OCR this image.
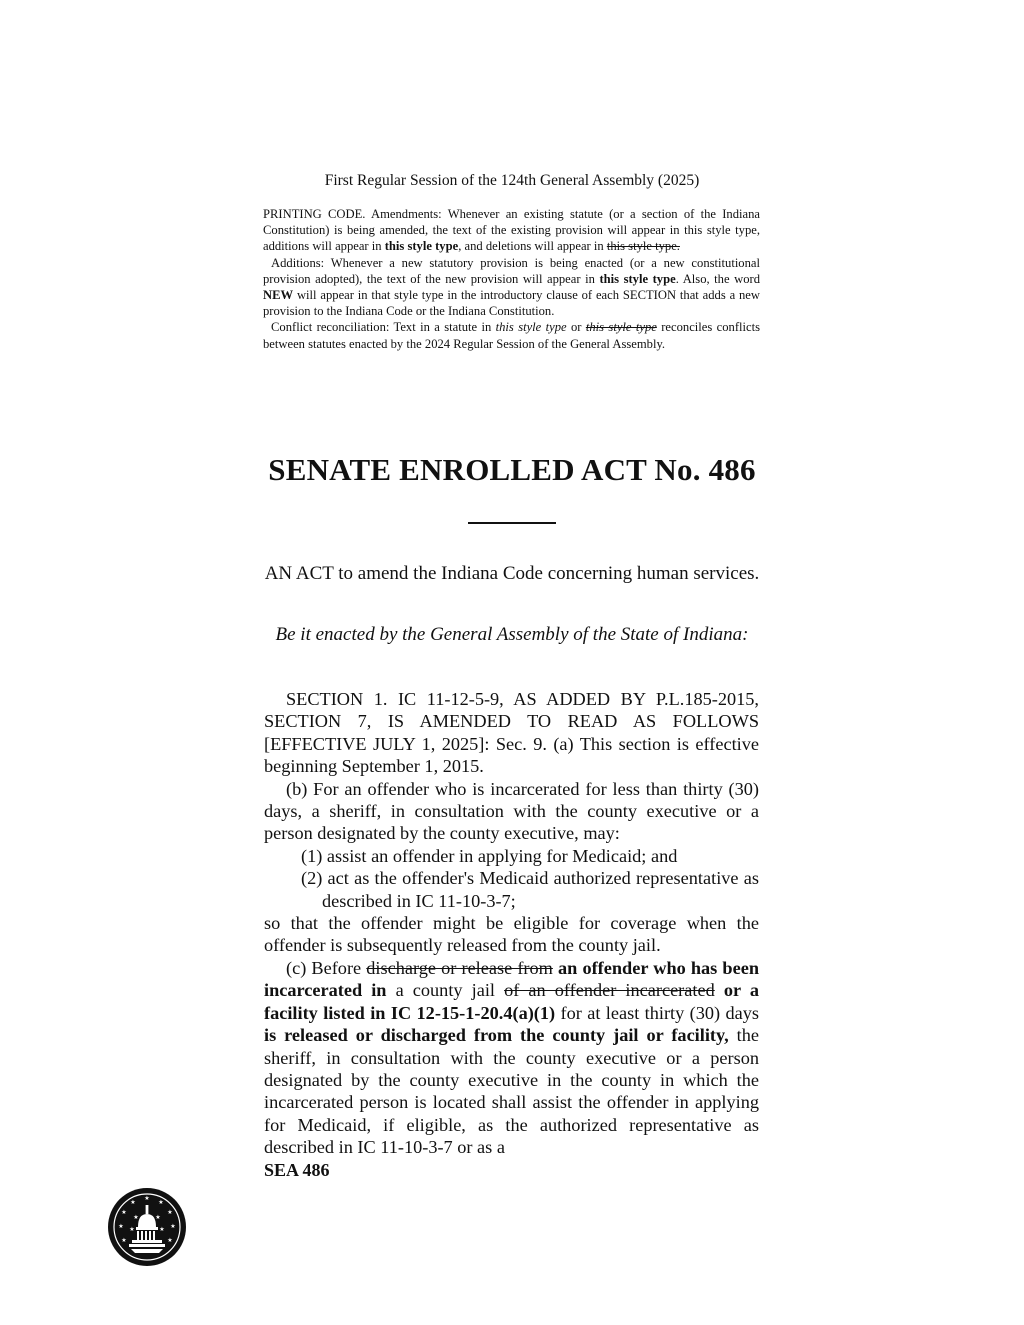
First Regular Session of the 124th General Assembly (2025)

PRINTING CODE. Amendments: Whenever an existing statute (or a section of the Indiana Constitution) is being amended, the text of the existing provision will appear in this style type, additions will appear in this style type, and deletions will appear in this style type.

Additions: Whenever a new statutory provision is being enacted (or a new constitutional provision adopted), the text of the new provision will appear in this style type. Also, the word NEW will appear in that style type in the introductory clause of each SECTION that adds a new provision to the Indiana Code or the Indiana Constitution.

Conflict reconciliation: Text in a statute in this style type or this style type reconciles conflicts between statutes enacted by the 2024 Regular Session of the General Assembly.

SENATE ENROLLED ACT No. 486
AN ACT to amend the Indiana Code concerning human services.
Be it enacted by the General Assembly of the State of Indiana:

SECTION 1. IC 11-12-5-9, AS ADDED BY P.L.185-2015, SECTION 7, IS AMENDED TO READ AS FOLLOWS [EFFECTIVE JULY 1, 2025]: Sec. 9. (a) This section is effective beginning September 1, 2015.

(b) For an offender who is incarcerated for less than thirty (30) days, a sheriff, in consultation with the county executive or a person designated by the county executive, may:

(1) assist an offender in applying for Medicaid; and

(2) act as the offender's Medicaid authorized representative as described in IC 11-10-3-7;

so that the offender might be eligible for coverage when the offender is subsequently released from the county jail.

(c) Before discharge or release from an offender who has been incarcerated in a county jail of an offender incarcerated or a facility listed in IC 12-15-1-20.4(a)(1) for at least thirty (30) days is released or discharged from the county jail or facility, the sheriff, in consultation with the county executive or a person designated by the county executive in the county in which the incarcerated person is located shall assist the offender in applying for Medicaid, if eligible, as the authorized representative as described in IC 11-10-3-7 or as a

SEA 486
★
★
★
★
★
★
★
★
★
★	★
★	★
